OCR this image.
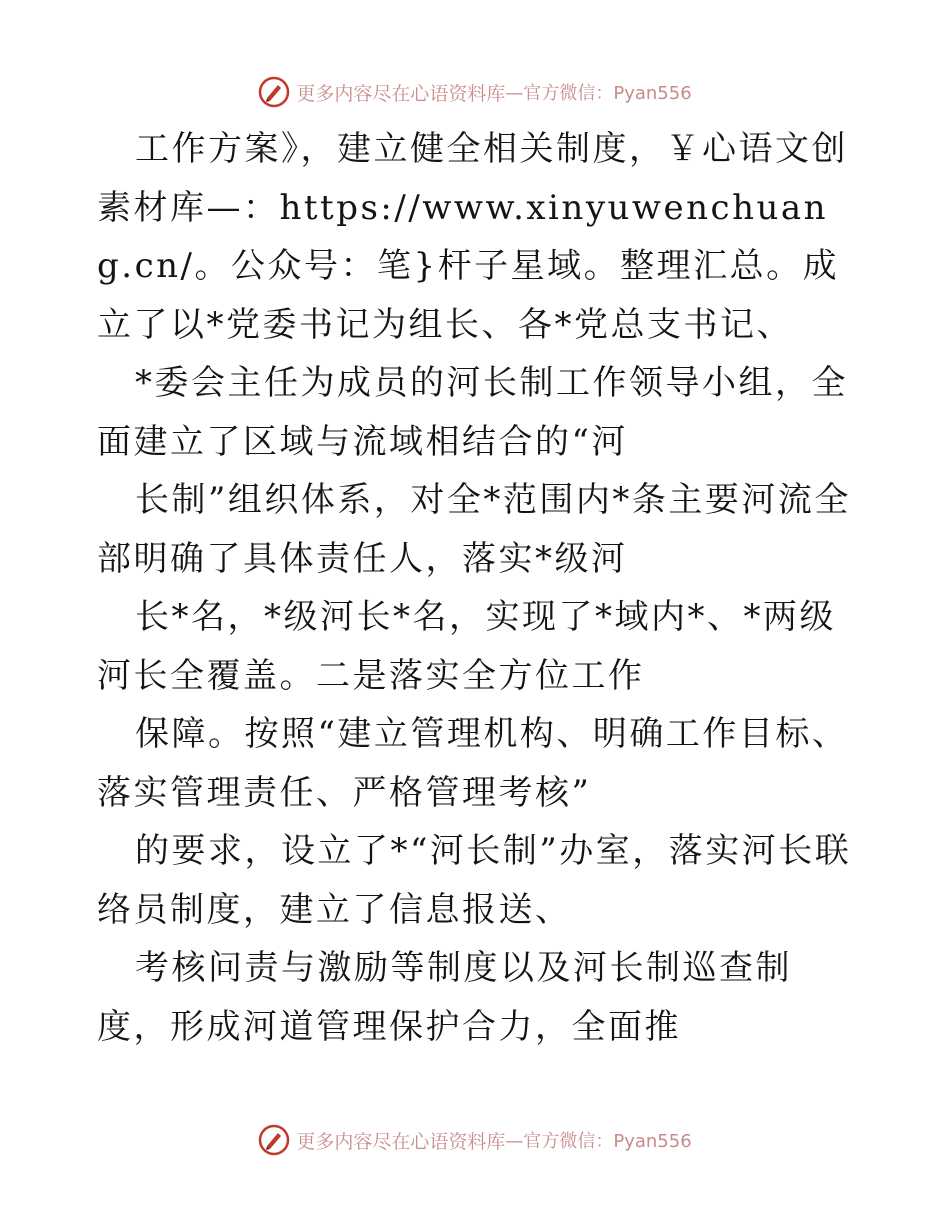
更多内容尽在心语资料库 —官方微信：Pyan556

工作方案》，建立健全相关制度，￥心语文创素材库—：https://www.xinyuwenchuang.cn/。公众号：笔}杆子星域。整理汇总。成立了以*党委书记为组长、各*党总支书记、

*委会主任为成员的河长制工作领导小组，全面建立了区域与流域相结合的“河

长制”组织体系，对全*范围内*条主要河流全部明确了具体责任人，落实*级河

长*名，*级河长*名，实现了*域内*、*两级河长全覆盖。二是落实全方位工作

保障。按照“建立管理机构、明确工作目标、落实管理责任、严格管理考核”

的要求，设立了*“河长制”办室，落实河长联络员制度，建立了信息报送、

考核问责与激励等制度以及河长制巡查制度，形成河道管理保护合力，全面推

更多内容尽在心语资料库 —官方微信：Pyan556
